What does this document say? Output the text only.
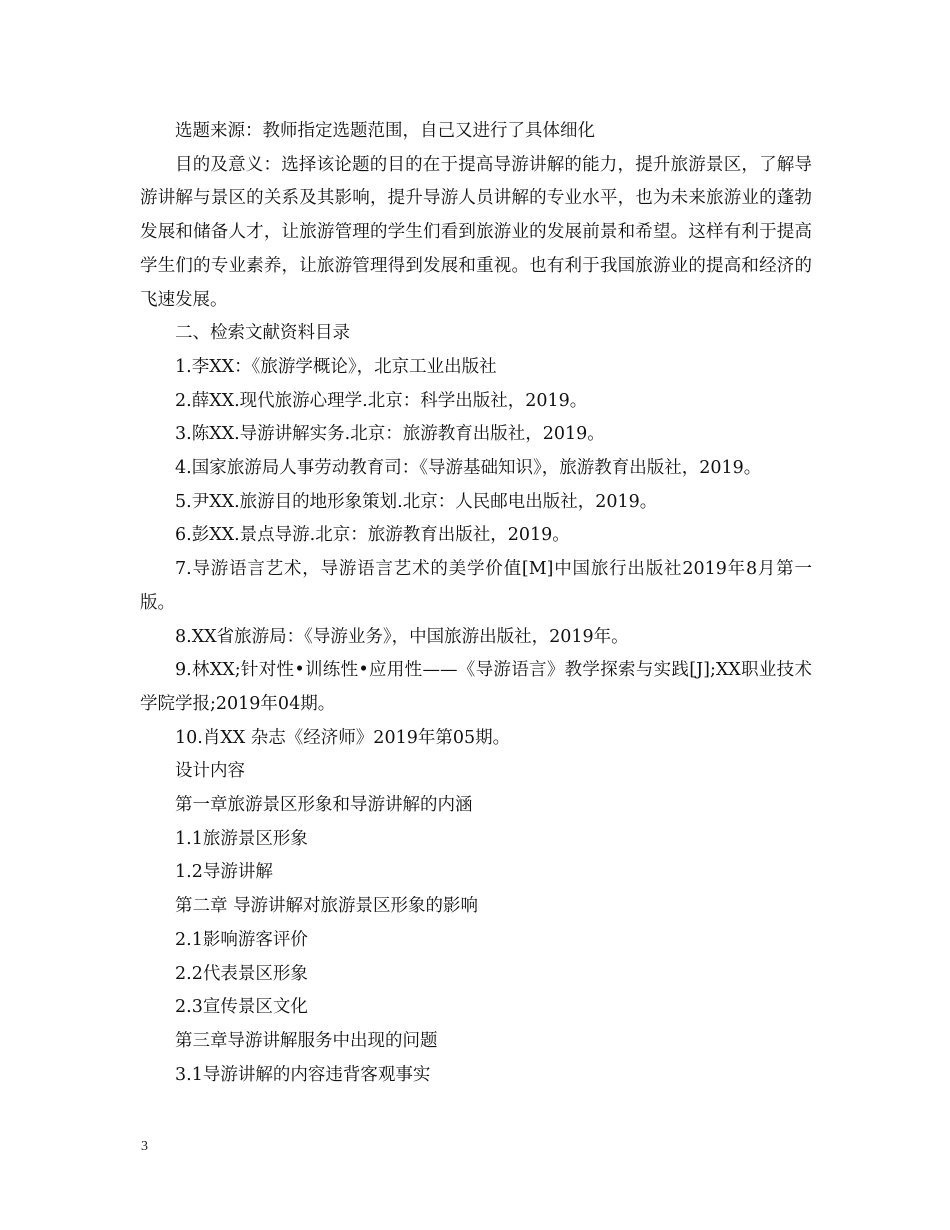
选题来源：教师指定选题范围，自己又进行了具体细化

目的及意义：选择该论题的目的在于提高导游讲解的能力，提升旅游景区，了解导游讲解与景区的关系及其影响，提升导游人员讲解的专业水平，也为未来旅游业的蓬勃发展和储备人才，让旅游管理的学生们看到旅游业的发展前景和希望。这样有利于提高学生们的专业素养，让旅游管理得到发展和重视。也有利于我国旅游业的提高和经济的飞速发展。

二、检索文献资料目录

1.李XX：《旅游学概论》，北京工业出版社

2.薛XX.现代旅游心理学.北京：科学出版社，2019。

3.陈XX.导游讲解实务.北京：旅游教育出版社，2019。

4.国家旅游局人事劳动教育司：《导游基础知识》，旅游教育出版社，2019。

5.尹XX.旅游目的地形象策划.北京：人民邮电出版社，2019。

6.彭XX.景点导游.北京：旅游教育出版社，2019。

7.导游语言艺术，导游语言艺术的美学价值[M]中国旅行出版社2019年8月第一版。

8.XX省旅游局：《导游业务》，中国旅游出版社，2019年。

9.林XX;针对性•训练性•应用性——《导游语言》教学探索与实践[J];XX职业技术学院学报;2019年04期。

10.肖XX 杂志《经济师》2019年第05期。

设计内容

第一章旅游景区形象和导游讲解的内涵

1.1旅游景区形象

1.2导游讲解

第二章 导游讲解对旅游景区形象的影响

2.1影响游客评价

2.2代表景区形象

2.3宣传景区文化

第三章导游讲解服务中出现的问题

3.1导游讲解的内容违背客观事实

3
